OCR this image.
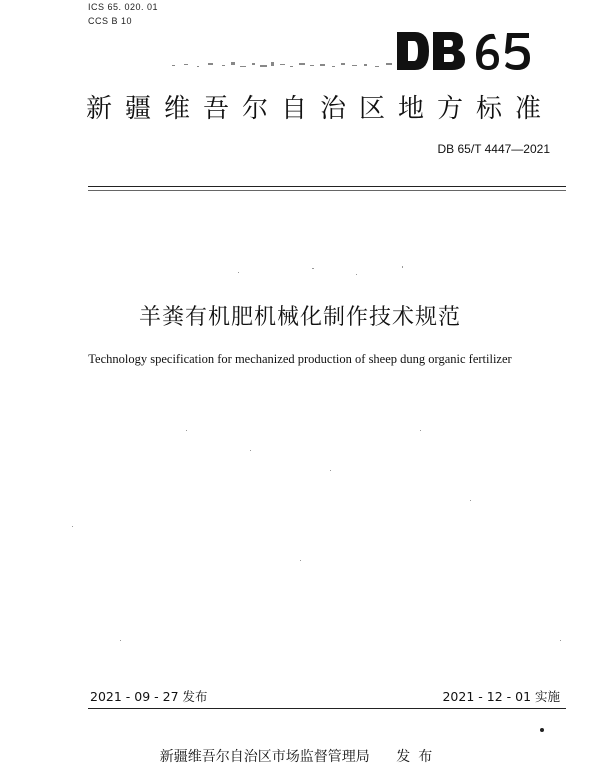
ICS 65. 020. 01
CCS B 10
新疆维吾尔自治区地方标准
DB 65/T 4447—2021
羊粪有机肥机械化制作技术规范
Technology specification for mechanized production of sheep dung organic fertilizer
2021 - 09 - 27 发布	2021 - 12 - 01 实施
新疆维吾尔自治区市场监督管理局 发布
